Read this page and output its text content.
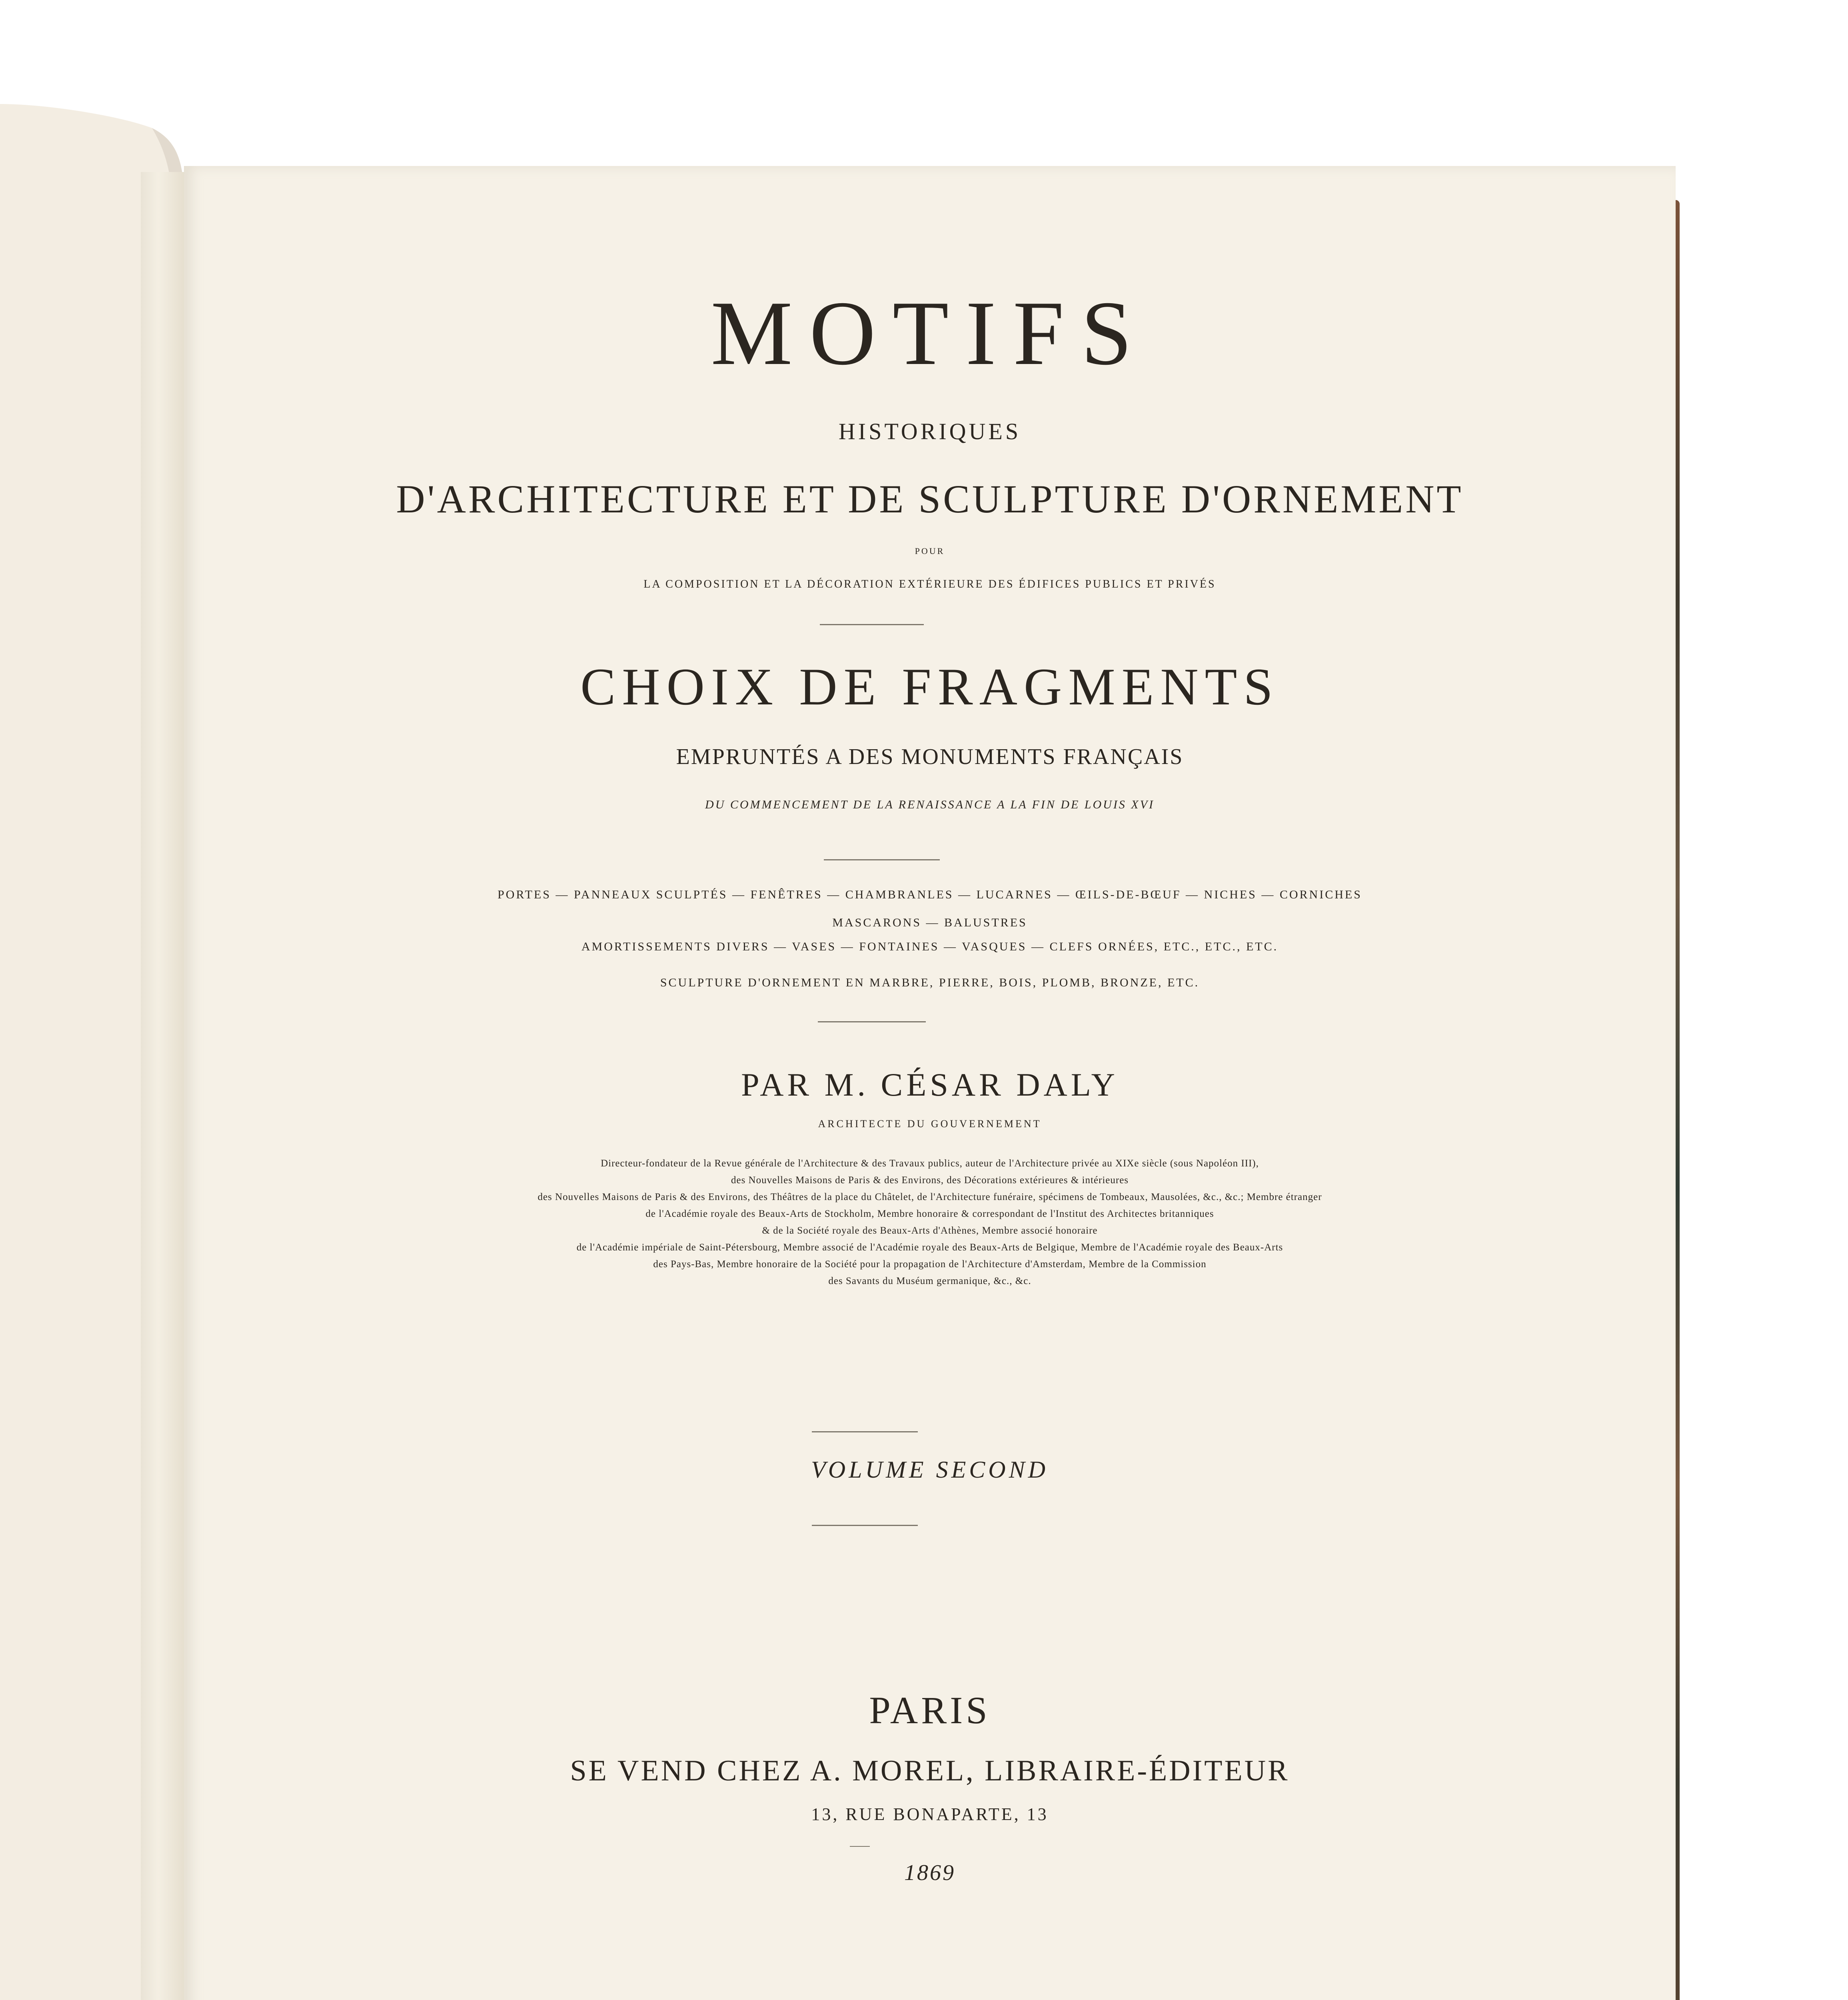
MOTIFS
HISTORIQUES
D'ARCHITECTURE ET DE SCULPTURE D'ORNEMENT
POUR
LA COMPOSITION ET LA DÉCORATION EXTÉRIEURE DES ÉDIFICES PUBLICS ET PRIVÉS
CHOIX DE FRAGMENTS
EMPRUNTÉS A DES MONUMENTS FRANÇAIS
DU COMMENCEMENT DE LA RENAISSANCE A LA FIN DE LOUIS XVI
PORTES — PANNEAUX SCULPTÉS — FENÊTRES — CHAMBRANLES — LUCARNES — ŒILS-DE-BŒUF — NICHES — CORNICHES
MASCARONS — BALUSTRES
AMORTISSEMENTS DIVERS — VASES — FONTAINES — VASQUES — CLEFS ORNÉES, ETC., ETC., ETC.
SCULPTURE D'ORNEMENT EN MARBRE, PIERRE, BOIS, PLOMB, BRONZE, ETC.
PAR M. CÉSAR DALY
ARCHITECTE DU GOUVERNEMENT
Directeur-fondateur de la Revue générale de l'Architecture & des Travaux publics, auteur de l'Architecture privée au XIXe siècle (sous Napoléon III),
des Nouvelles Maisons de Paris & des Environs, des Décorations extérieures & intérieures
des Nouvelles Maisons de Paris & des Environs, des Théâtres de la place du Châtelet, de l'Architecture funéraire, spécimens de Tombeaux, Mausolées, &c., &c.; Membre étranger
de l'Académie royale des Beaux-Arts de Stockholm, Membre honoraire & correspondant de l'Institut des Architectes britanniques
& de la Société royale des Beaux-Arts d'Athènes, Membre associé honoraire
de l'Académie impériale de Saint-Pétersbourg, Membre associé de l'Académie royale des Beaux-Arts de Belgique, Membre de l'Académie royale des Beaux-Arts
des Pays-Bas, Membre honoraire de la Société pour la propagation de l'Architecture d'Amsterdam, Membre de la Commission
des Savants du Muséum germanique, &c., &c.
VOLUME SECOND
PARIS
SE VEND CHEZ A. MOREL, LIBRAIRE-ÉDITEUR
13, RUE BONAPARTE, 13
1869
